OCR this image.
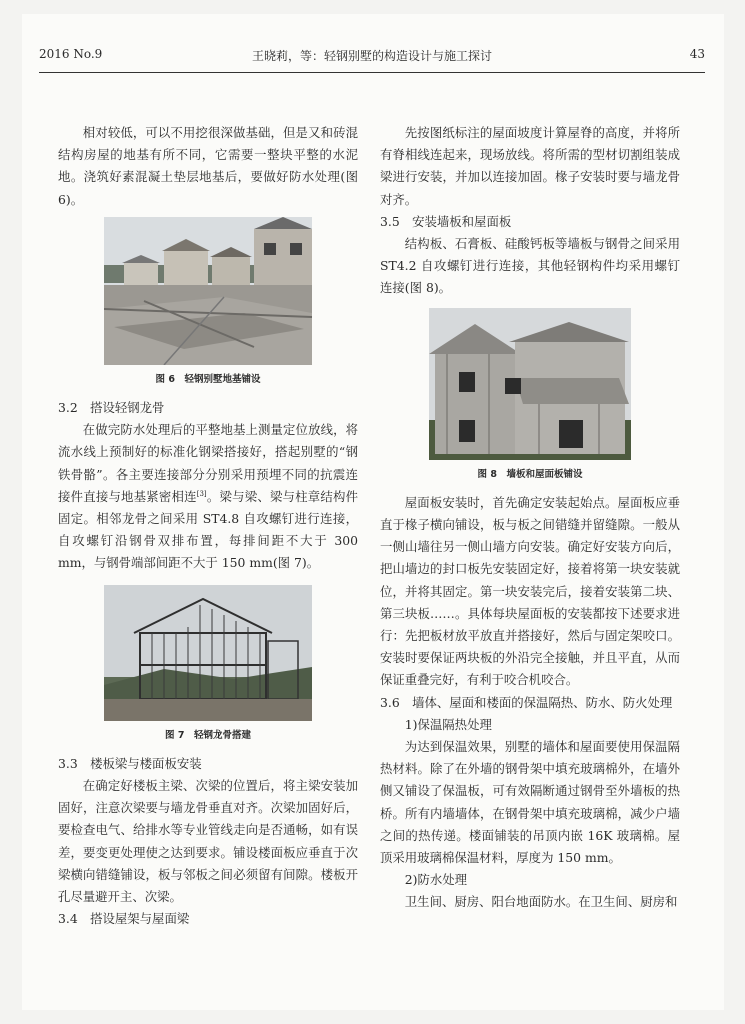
2016 No.9	王晓莉，等：轻钢别墅的构造设计与施工探讨	43

相对较低，可以不用挖很深做基础，但是又和砖混结构房屋的地基有所不同，它需要一整块平整的水泥地。浇筑好素混凝土垫层地基后，要做好防水处理(图 6)。

图 6　轻钢别墅地基铺设
3.2　搭设轻钢龙骨

在做完防水处理后的平整地基上测量定位放线，将流水线上预制好的标准化钢梁搭接好，搭起别墅的“钢铁骨骼”。各主要连接部分分别采用预埋不同的抗震连接件直接与地基紧密相连[3]。梁与梁、梁与柱章结构件固定。相邻龙骨之间采用 ST4.8 自攻螺钉进行连接，自攻螺钉沿钢骨双排布置，每排间距不大于 300 mm，与钢骨端部间距不大于 150 mm(图 7)。

图 7　轻钢龙骨搭建
3.3　楼板梁与楼面板安装

在确定好楼板主梁、次梁的位置后，将主梁安装加固好，注意次梁要与墙龙骨垂直对齐。次梁加固好后，要检查电气、给排水等专业管线走向是否通畅，如有误差，要变更处理使之达到要求。铺设楼面板应垂直于次梁横向错缝铺设，板与邻板之间必须留有间隙。楼板开孔尽量避开主、次梁。

3.4　搭设屋架与屋面梁

先按图纸标注的屋面坡度计算屋脊的高度，并将所有脊相线连起来，现场放线。将所需的型材切割组装成梁进行安装，并加以连接加固。椽子安装时要与墙龙骨对齐。

3.5　安装墙板和屋面板

结构板、石膏板、硅酸钙板等墙板与钢骨之间采用 ST4.2 自攻螺钉进行连接，其他轻钢构件均采用螺钉连接(图 8)。

图 8　墙板和屋面板铺设

屋面板安装时，首先确定安装起始点。屋面板应垂直于椽子横向铺设，板与板之间错缝并留缝隙。一般从一侧山墙往另一侧山墙方向安装。确定好安装方向后，把山墙边的封口板先安装固定好，接着将第一块安装就位，并将其固定。第一块安装完后，接着安装第二块、第三块板……。具体每块屋面板的安装都按下述要求进行：先把板材放平放直并搭接好，然后与固定架咬口。安装时要保证两块板的外沿完全接触，并且平直，从而保证重叠完好，有利于咬合机咬合。

3.6　墙体、屋面和楼面的保温隔热、防水、防火处理

1)保温隔热处理

为达到保温效果，别墅的墙体和屋面要使用保温隔热材料。除了在外墙的钢骨架中填充玻璃棉外，在墙外侧又铺设了保温板，可有效隔断通过钢骨至外墙板的热桥。所有内墙墙体，在钢骨架中填充玻璃棉，减少户墙之间的热传递。楼面铺装的吊顶内嵌 16K 玻璃棉。屋顶采用玻璃棉保温材料，厚度为 150 mm。

2)防水处理

卫生间、厨房、阳台地面防水。在卫生间、厨房和
